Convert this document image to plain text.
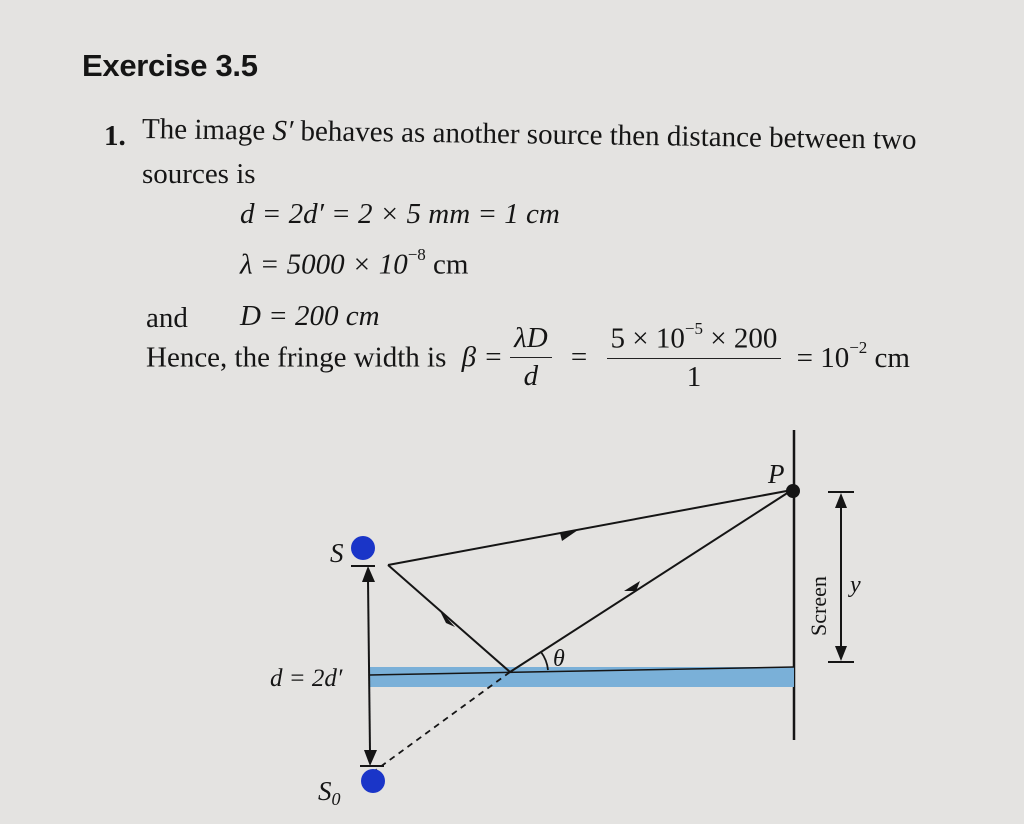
Exercise 3.5
1. The image S′ behaves as another source then distance between two
sources is
d = 2d′ = 2 × 5 mm = 1 cm
$\lambda = 5000 \times 10^{-8}$ cm
and D = 200 cm
Hence, the fringe width is $\beta = \frac{\lambda D}{d} = \frac{5 \times 10^{-5} \times 200}{1} = 10^{-2}$ cm
S
S0
P
d = 2d′
θ
Screen y
